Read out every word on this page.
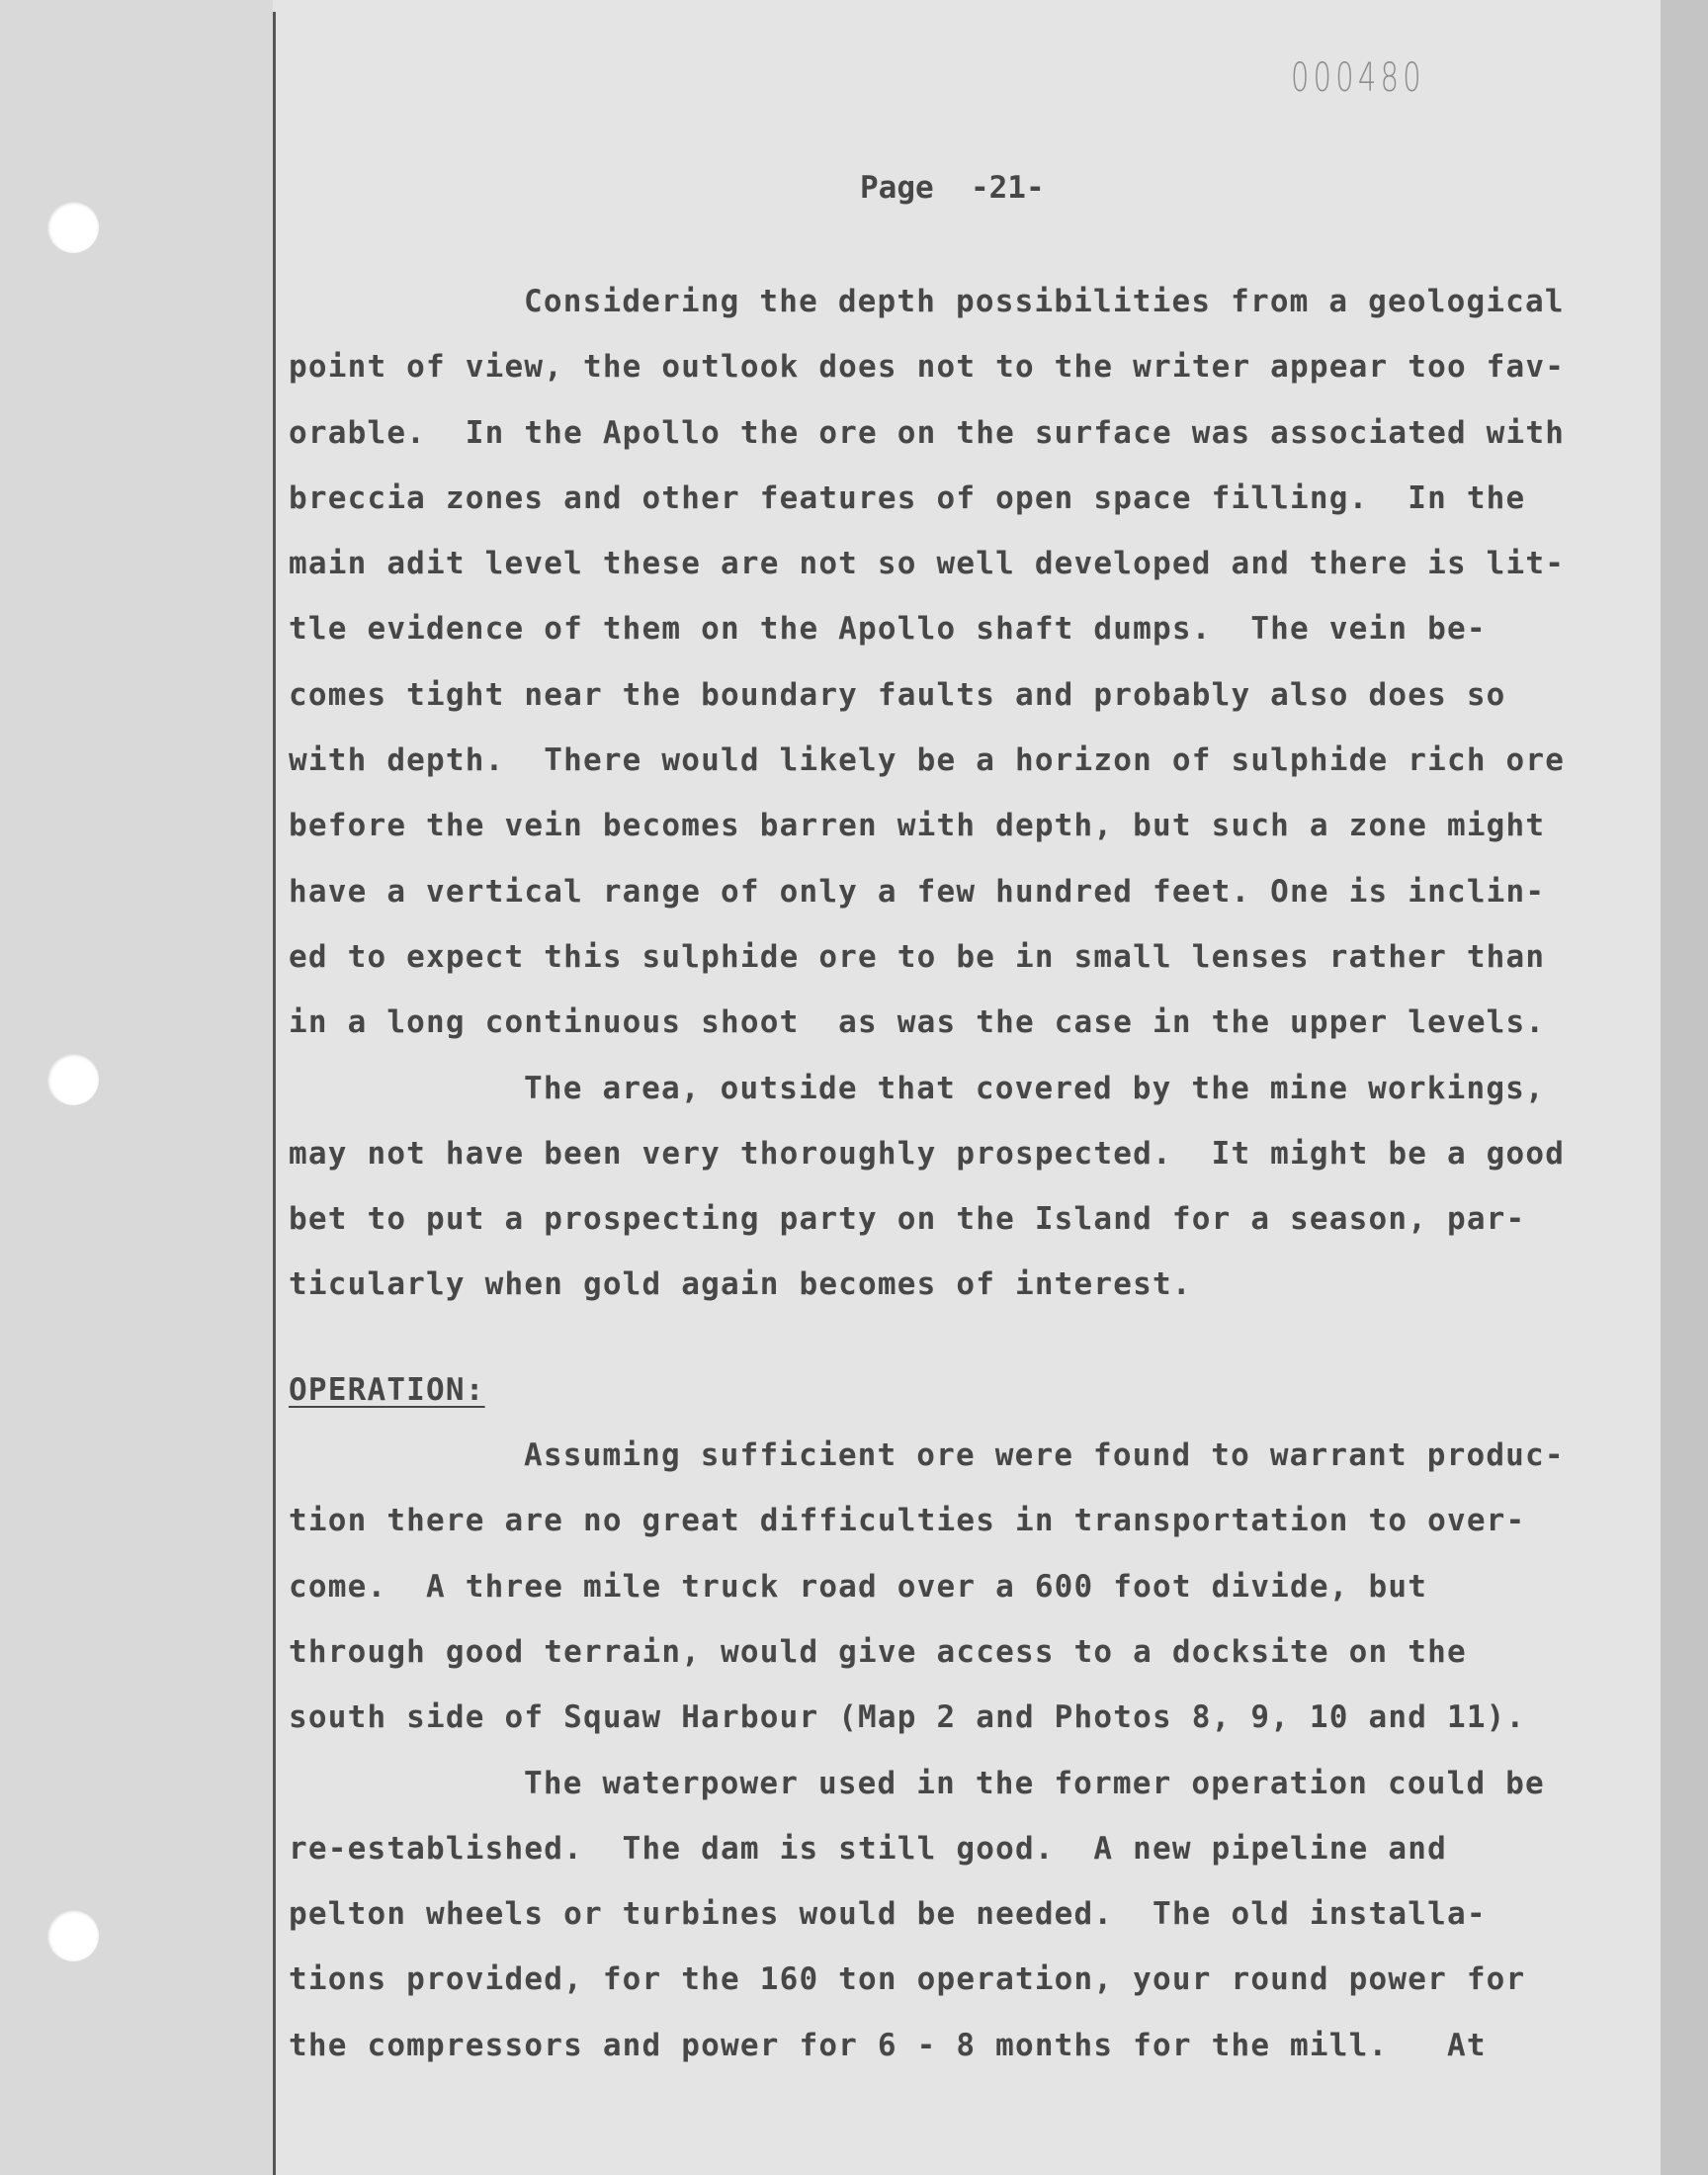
000480
Page  -21-
Considering the depth possibilities from a geological
point of view, the outlook does not to the writer appear too fav-
orable.  In the Apollo the ore on the surface was associated with
breccia zones and other features of open space filling.  In the
main adit level these are not so well developed and there is lit-
tle evidence of them on the Apollo shaft dumps.  The vein be-
comes tight near the boundary faults and probably also does so
with depth.  There would likely be a horizon of sulphide rich ore
before the vein becomes barren with depth, but such a zone might
have a vertical range of only a few hundred feet. One is inclin-
ed to expect this sulphide ore to be in small lenses rather than
in a long continuous shoot  as was the case in the upper levels.
The area, outside that covered by the mine workings,
may not have been very thoroughly prospected.  It might be a good
bet to put a prospecting party on the Island for a season, par-
ticularly when gold again becomes of interest.
OPERATION:
Assuming sufficient ore were found to warrant produc-
tion there are no great difficulties in transportation to over-
come.  A three mile truck road over a 600 foot divide, but
through good terrain, would give access to a docksite on the
south side of Squaw Harbour (Map 2 and Photos 8, 9, 10 and 11).
The waterpower used in the former operation could be
re-established.  The dam is still good.  A new pipeline and
pelton wheels or turbines would be needed.  The old installa-
tions provided, for the 160 ton operation, your round power for
the compressors and power for 6 - 8 months for the mill.   At
